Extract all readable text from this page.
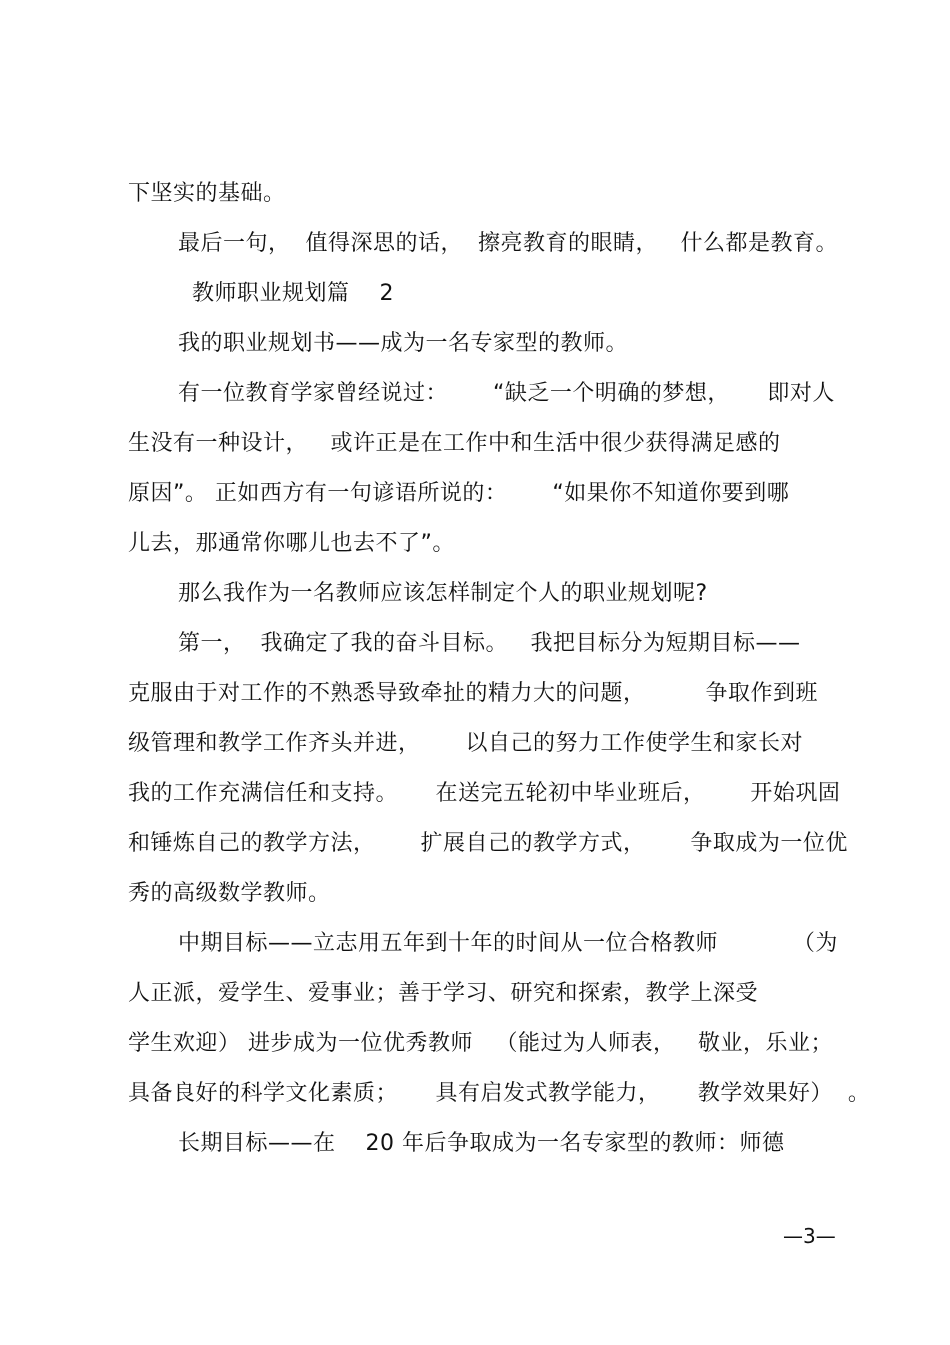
下坚实的基础。
最后一句，  值得深思的话，  擦亮教育的眼睛，   什么都是教育。
教师职业规划篇    2
我的职业规划书——成为一名专家型的教师。
有一位教育学家曾经说过：      “缺乏一个明确的梦想，     即对人
生没有一种设计，   或许正是在工作中和生活中很少获得满足感的
原因”。 正如西方有一句谚语所说的：      “如果你不知道你要到哪
儿去，那通常你哪儿也去不了”。
那么我作为一名教师应该怎样制定个人的职业规划呢?
第一，  我确定了我的奋斗目标。   我把目标分为短期目标——
克服由于对工作的不熟悉导致牵扯的精力大的问题，        争取作到班
级管理和教学工作齐头并进，      以自己的努力工作使学生和家长对
我的工作充满信任和支持。     在送完五轮初中毕业班后，      开始巩固
和锤炼自己的教学方法，      扩展自己的教学方式，      争取成为一位优
秀的高级数学教师。
中期目标——立志用五年到十年的时间从一位合格教师          （为
人正派，爱学生、爱事业；善于学习、研究和探索，教学上深受
学生欢迎） 进步成为一位优秀教师   （能过为人师表，   敬业，乐业；
具备良好的科学文化素质；     具有启发式教学能力，     教学效果好）  。
长期目标——在    20 年后争取成为一名专家型的教师：师德
—3—
